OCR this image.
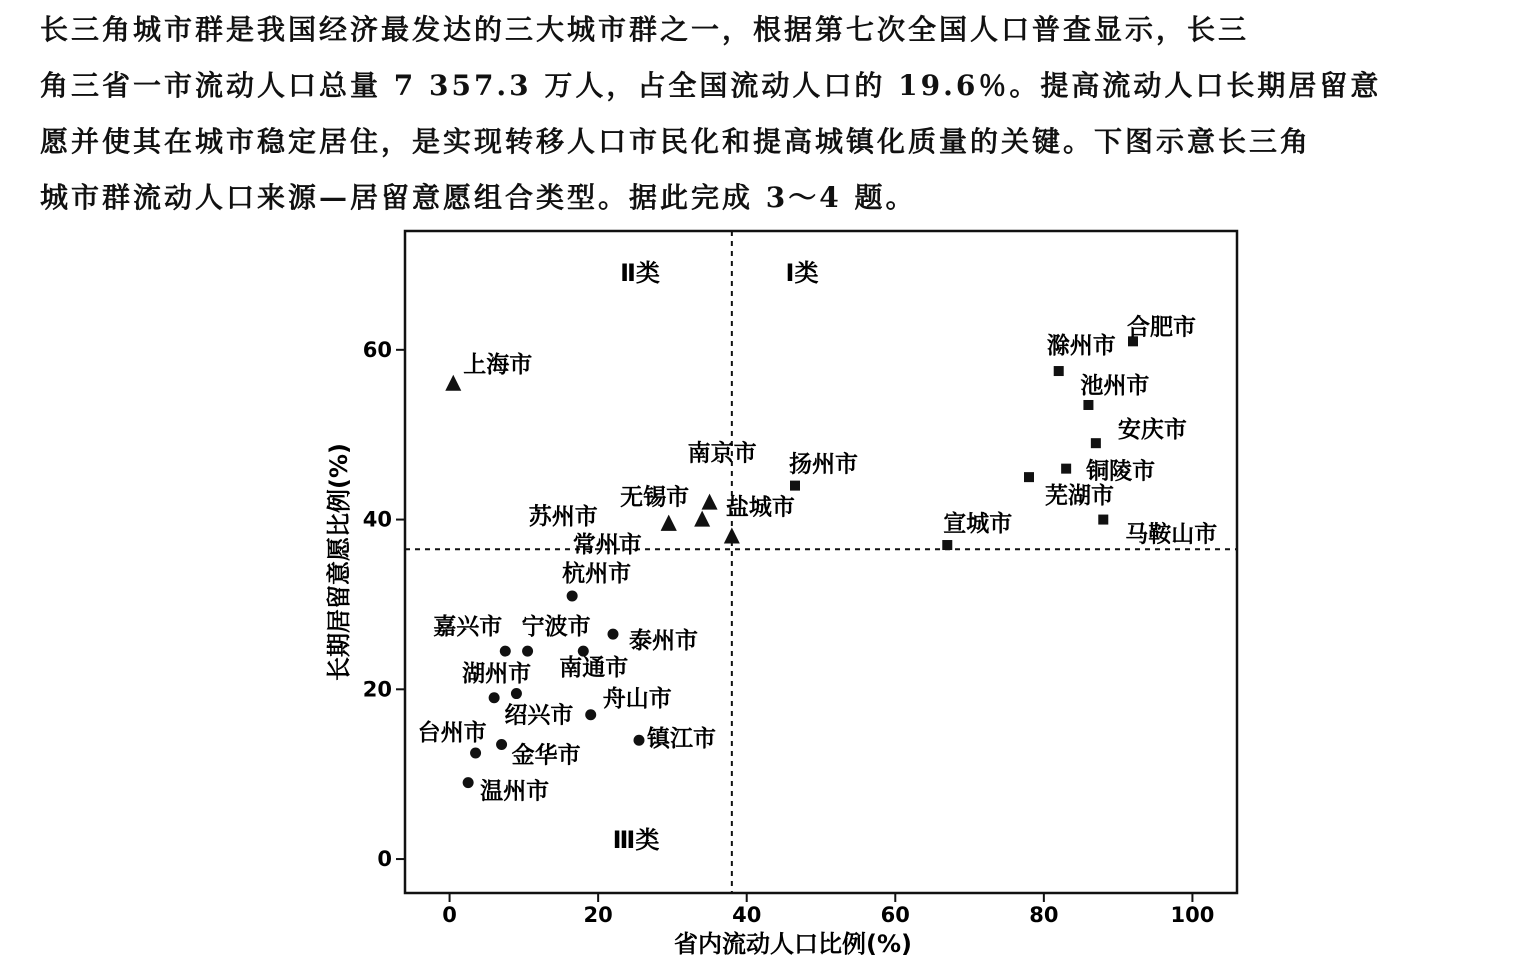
长三角城市群是我国经济最发达的三大城市群之一，根据第七次全国人口普查显示，长三

角三省一市流动人口总量 7 357.3 万人，占全国流动人口的 19.6％。提高流动人口长期居留意

愿并使其在城市稳定居住，是实现转移人口市民化和提高城镇化质量的关键。下图示意长三角

城市群流动人口来源—居留意愿组合类型。据此完成 3～4 题。

0	20	40	60	80	100
0
20
40
60
上海市
南京市
无锡市
苏州市
常州市
盐城市
扬州市
宣城市
合肥市
滁州市
池州市
安庆市
铜陵市
芜湖市
马鞍山市
杭州市
嘉兴市 宁波市
泰州市
南通市
湖州市
绍兴市
舟山市
台州市
金华市
镇江市
温州市
Ⅱ类	Ⅰ类
Ⅲ类
省内流动人口比例(%)
长期居留意愿比例(%)
